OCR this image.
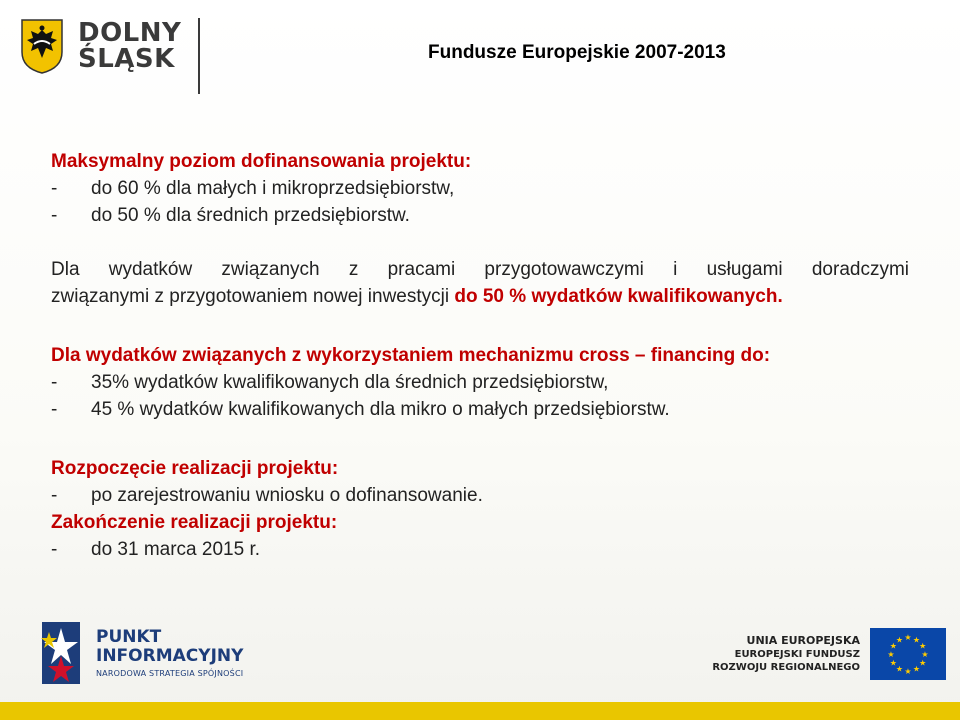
DOLNY
ŚLĄSK	Fundusze Europejskie 2007-2013
Maksymalny poziom dofinansowania projektu:
- do 60 % dla małych i mikroprzedsiębiorstw,
- do 50 % dla średnich przedsiębiorstw.
Dla wydatków związanych z pracami przygotowawczymi i usługami doradczymi
związanymi z przygotowaniem nowej inwestycji do 50 % wydatków kwalifikowanych.
Dla wydatków związanych z wykorzystaniem mechanizmu cross – financing do:
- 35% wydatków kwalifikowanych dla średnich przedsiębiorstw,
- 45 % wydatków kwalifikowanych dla mikro o małych przedsiębiorstw.
Rozpoczęcie realizacji projektu:
- po zarejestrowaniu wniosku o dofinansowanie.
Zakończenie realizacji projektu:
- do 31 marca 2015 r.
PUNKT
INFORMACYJNY
NARODOWA STRATEGIA SPÓJNOŚCI
UNIA EUROPEJSKA
EUROPEJSKI FUNDUSZ
ROZWOJU REGIONALNEGO
★ ★
★
★
★
★
★
★
★
★
★
★
